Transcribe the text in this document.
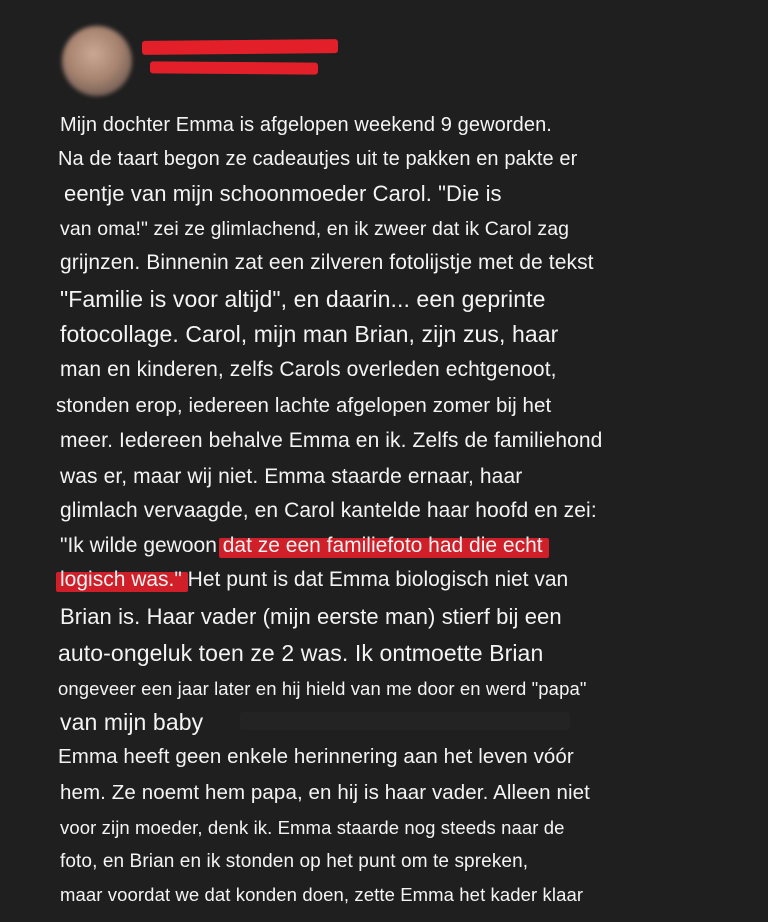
Mijn dochter Emma is afgelopen weekend 9 geworden.
Na de taart begon ze cadeautjes uit te pakken en pakte er
eentje van mijn schoonmoeder Carol. "Die is
van oma!" zei ze glimlachend, en ik zweer dat ik Carol zag
grijnzen. Binnenin zat een zilveren fotolijstje met de tekst
"Familie is voor altijd", en daarin... een geprinte
fotocollage. Carol, mijn man Brian, zijn zus, haar
man en kinderen, zelfs Carols overleden echtgenoot,
stonden erop, iedereen lachte afgelopen zomer bij het
meer. Iedereen behalve Emma en ik. Zelfs de familiehond
was er, maar wij niet. Emma staarde ernaar, haar
glimlach vervaagde, en Carol kantelde haar hoofd en zei:
"Ik wilde gewoon dat ze een familiefoto had die echt
logisch was." Het punt is dat Emma biologisch niet van
Brian is. Haar vader (mijn eerste man) stierf bij een
auto-ongeluk toen ze 2 was. Ik ontmoette Brian
ongeveer een jaar later en hij hield van me door en werd "papa"
van mijn baby
Emma heeft geen enkele herinnering aan het leven vóór
hem. Ze noemt hem papa, en hij is haar vader. Alleen niet
voor zijn moeder, denk ik. Emma staarde nog steeds naar de
foto, en Brian en ik stonden op het punt om te spreken,
maar voordat we dat konden doen, zette Emma het kader klaar
